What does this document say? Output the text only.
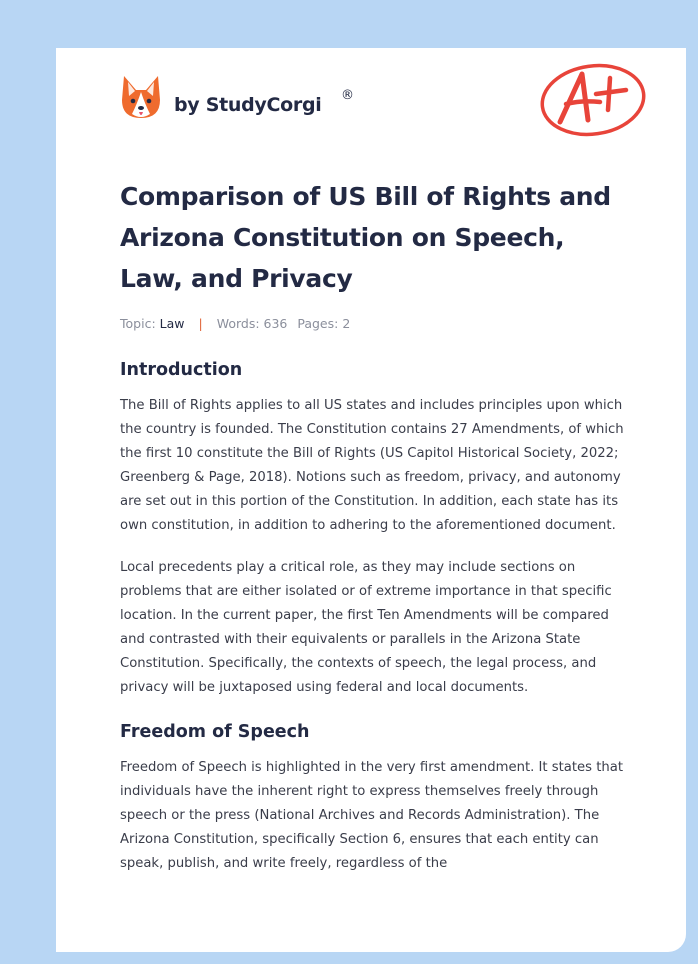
by StudyCorgi ®
Comparison of US Bill of Rights and Arizona Constitution on Speech, Law, and Privacy
Topic: Law | Words: 636 Pages: 2
Introduction

The Bill of Rights applies to all US states and includes principles upon which the country is founded. The Constitution contains 27 Amendments, of which the first 10 constitute the Bill of Rights (US Capitol Historical Society, 2022; Greenberg & Page, 2018). Notions such as freedom, privacy, and autonomy are set out in this portion of the Constitution. In addition, each state has its own constitution, in addition to adhering to the aforementioned document.

Local precedents play a critical role, as they may include sections on problems that are either isolated or of extreme importance in that specific location. In the current paper, the first Ten Amendments will be compared and contrasted with their equivalents or parallels in the Arizona State Constitution. Specifically, the contexts of speech, the legal process, and privacy will be juxtaposed using federal and local documents.

Freedom of Speech

Freedom of Speech is highlighted in the very first amendment. It states that individuals have the inherent right to express themselves freely through speech or the press (National Archives and Records Administration). The Arizona Constitution, specifically Section 6, ensures that each entity can speak, publish, and write freely, regardless of the
